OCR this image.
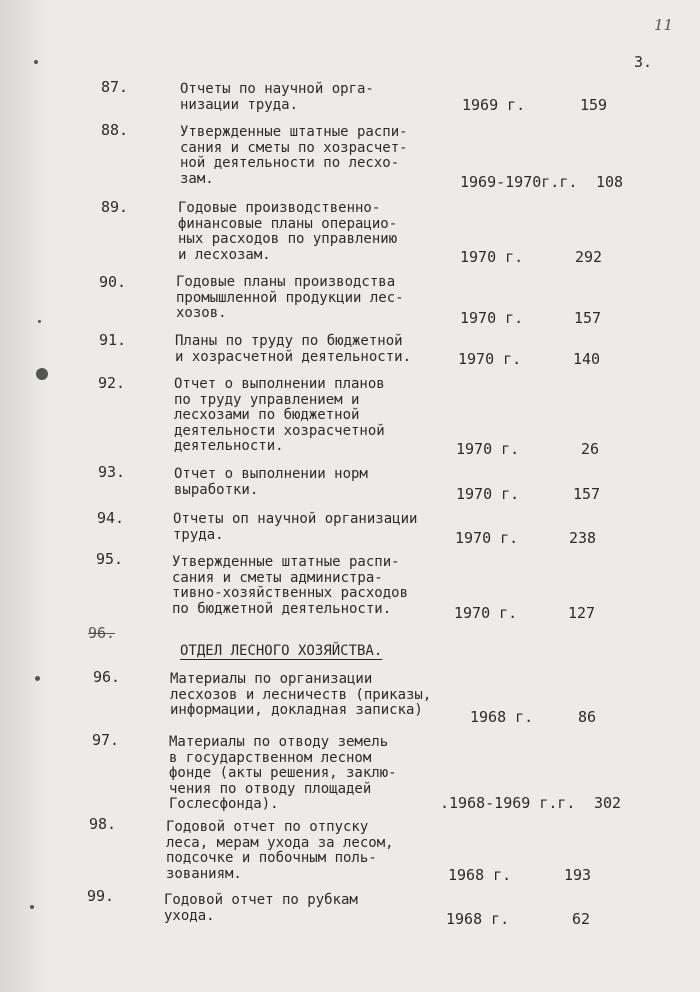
11
3.
87.	Отчеты по научной орга-
низации труда.	1969 г.	159
88.	Утвержденные штатные распи-
сания и сметы по хозрасчет-
ной деятельности по лесхо-
зам.	1969-1970г.г. 108
89.	Годовые производственно-
финансовые планы операцио-
ных расходов по управлению
и лесхозам.	1970 г.	292
90.	Годовые планы производства
промышленной продукции лес-
хозов.	1970 г.	157
91.	Планы по труду по бюджетной
и хозрасчетной деятельности.	1970 г.	140
92.	Отчет о выполнении планов
по труду управлением и
лесхозами по бюджетной
деятельности хозрасчетной
деятельности.	1970 г.	26
93.	Отчет о выполнении норм
выработки.	1970 г.	157
94.	Отчеты оп научной организации
труда.	1970 г.	238
95.	Утвержденные штатные распи-
сания и сметы администра-
тивно-хозяйственных расходов
по бюджетной деятельности.	1970 г.	127
96.
ОТДЕЛ ЛЕСНОГО ХОЗЯЙСТВА.
96.	Материалы по организации
лесхозов и лесничеств (приказы,
информации, докладная записка)	1968 г.	86
97.	Материалы по отводу земель
в государственном лесном
фонде (акты решения, заклю-
чения по отводу площадей
Гослесфонда).	.1968-1969 г.г. 302
98.	Годовой отчет по отпуску
леса, мерам ухода за лесом,
подсочке и побочным поль-
зованиям.	1968 г.	193
99.	Годовой отчет по рубкам
ухода.	1968 г.	62
